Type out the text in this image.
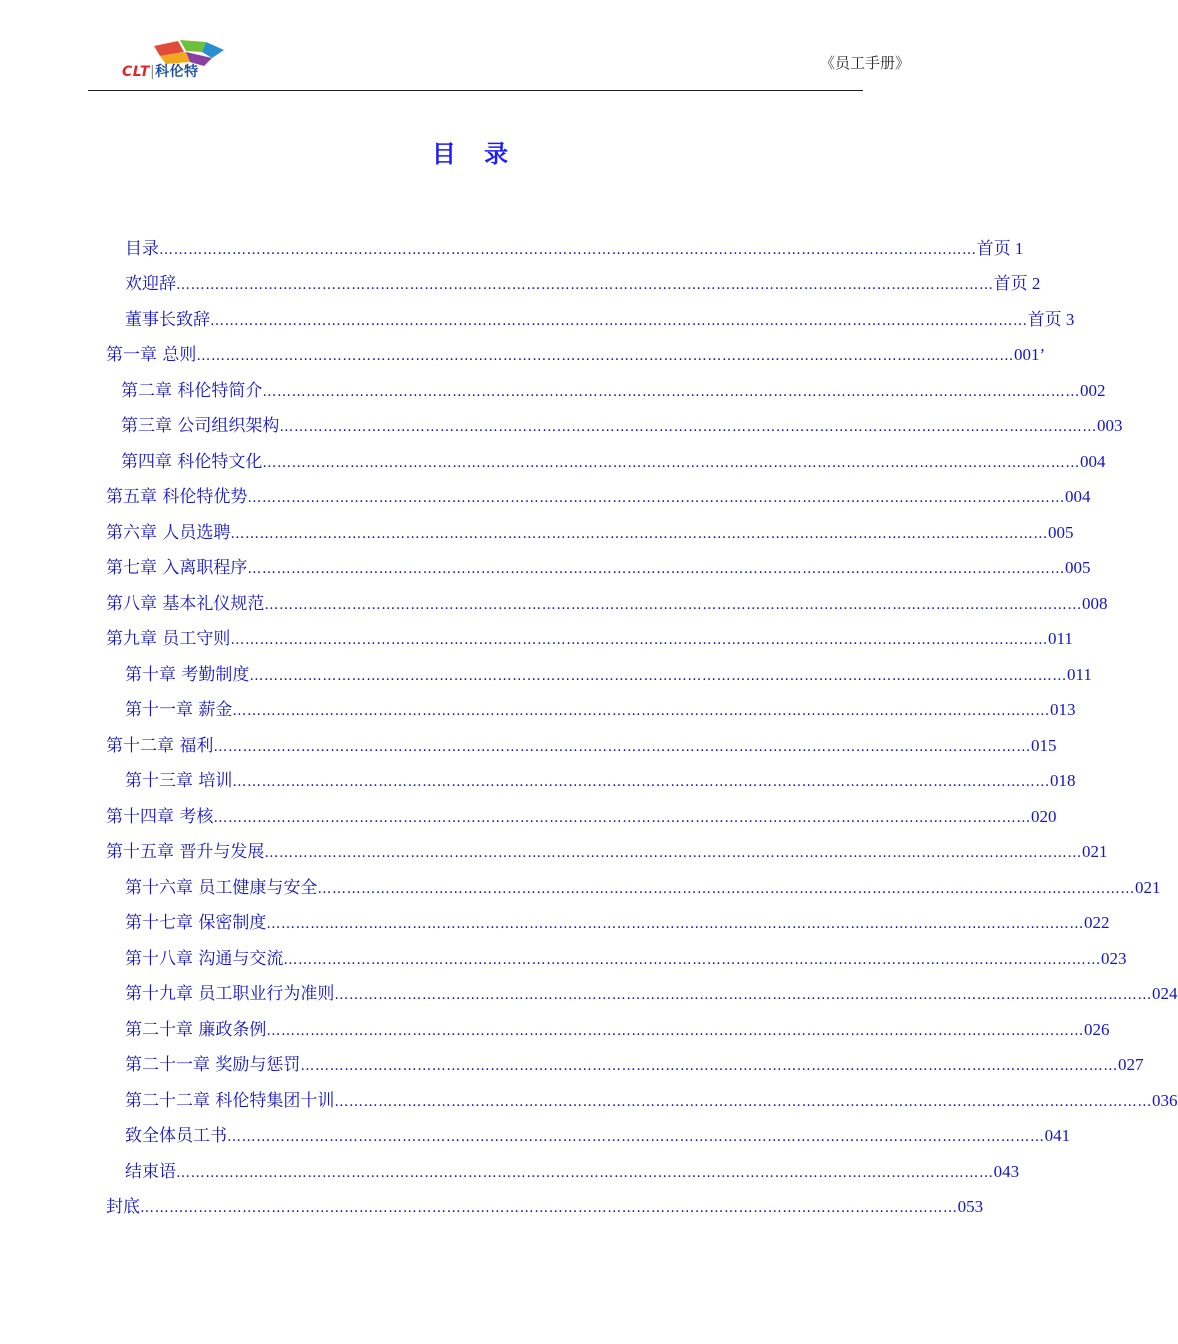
CLT|科伦特	《员工手册》
目 录
目录 …………………………………………………………………………………………………………………………………………………… 首页 1
欢迎辞 …………………………………………………………………………………………………………………………………………………… 首页 2
董事长致辞 …………………………………………………………………………………………………………………………………………………… 首页 3
第一章 总则 …………………………………………………………………………………………………………………………………………………… 001’
第二章 科伦特简介 …………………………………………………………………………………………………………………………………………………… 002
第三章 公司组织架构 …………………………………………………………………………………………………………………………………………………… 003
第四章 科伦特文化 …………………………………………………………………………………………………………………………………………………… 004
第五章 科伦特优势 …………………………………………………………………………………………………………………………………………………… 004
第六章 人员选聘 …………………………………………………………………………………………………………………………………………………… 005
第七章 入离职程序 …………………………………………………………………………………………………………………………………………………… 005
第八章 基本礼仪规范 …………………………………………………………………………………………………………………………………………………… 008
第九章 员工守则 …………………………………………………………………………………………………………………………………………………… 011
第十章 考勤制度 …………………………………………………………………………………………………………………………………………………… 011
第十一章 薪金 …………………………………………………………………………………………………………………………………………………… 013
第十二章 福利 …………………………………………………………………………………………………………………………………………………… 015
第十三章 培训 …………………………………………………………………………………………………………………………………………………… 018
第十四章 考核 …………………………………………………………………………………………………………………………………………………… 020
第十五章 晋升与发展 …………………………………………………………………………………………………………………………………………………… 021
第十六章 员工健康与安全 …………………………………………………………………………………………………………………………………………………… 021
第十七章 保密制度 …………………………………………………………………………………………………………………………………………………… 022
第十八章 沟通与交流 …………………………………………………………………………………………………………………………………………………… 023
第十九章 员工职业行为准则 …………………………………………………………………………………………………………………………………………………… 024
第二十章 廉政条例 …………………………………………………………………………………………………………………………………………………… 026
第二十一章 奖励与惩罚 …………………………………………………………………………………………………………………………………………………… 027
第二十二章 科伦特集团十训 …………………………………………………………………………………………………………………………………………………… 036
致全体员工书 …………………………………………………………………………………………………………………………………………………… 041
结束语 …………………………………………………………………………………………………………………………………………………… 043
封底 …………………………………………………………………………………………………………………………………………………… 053
